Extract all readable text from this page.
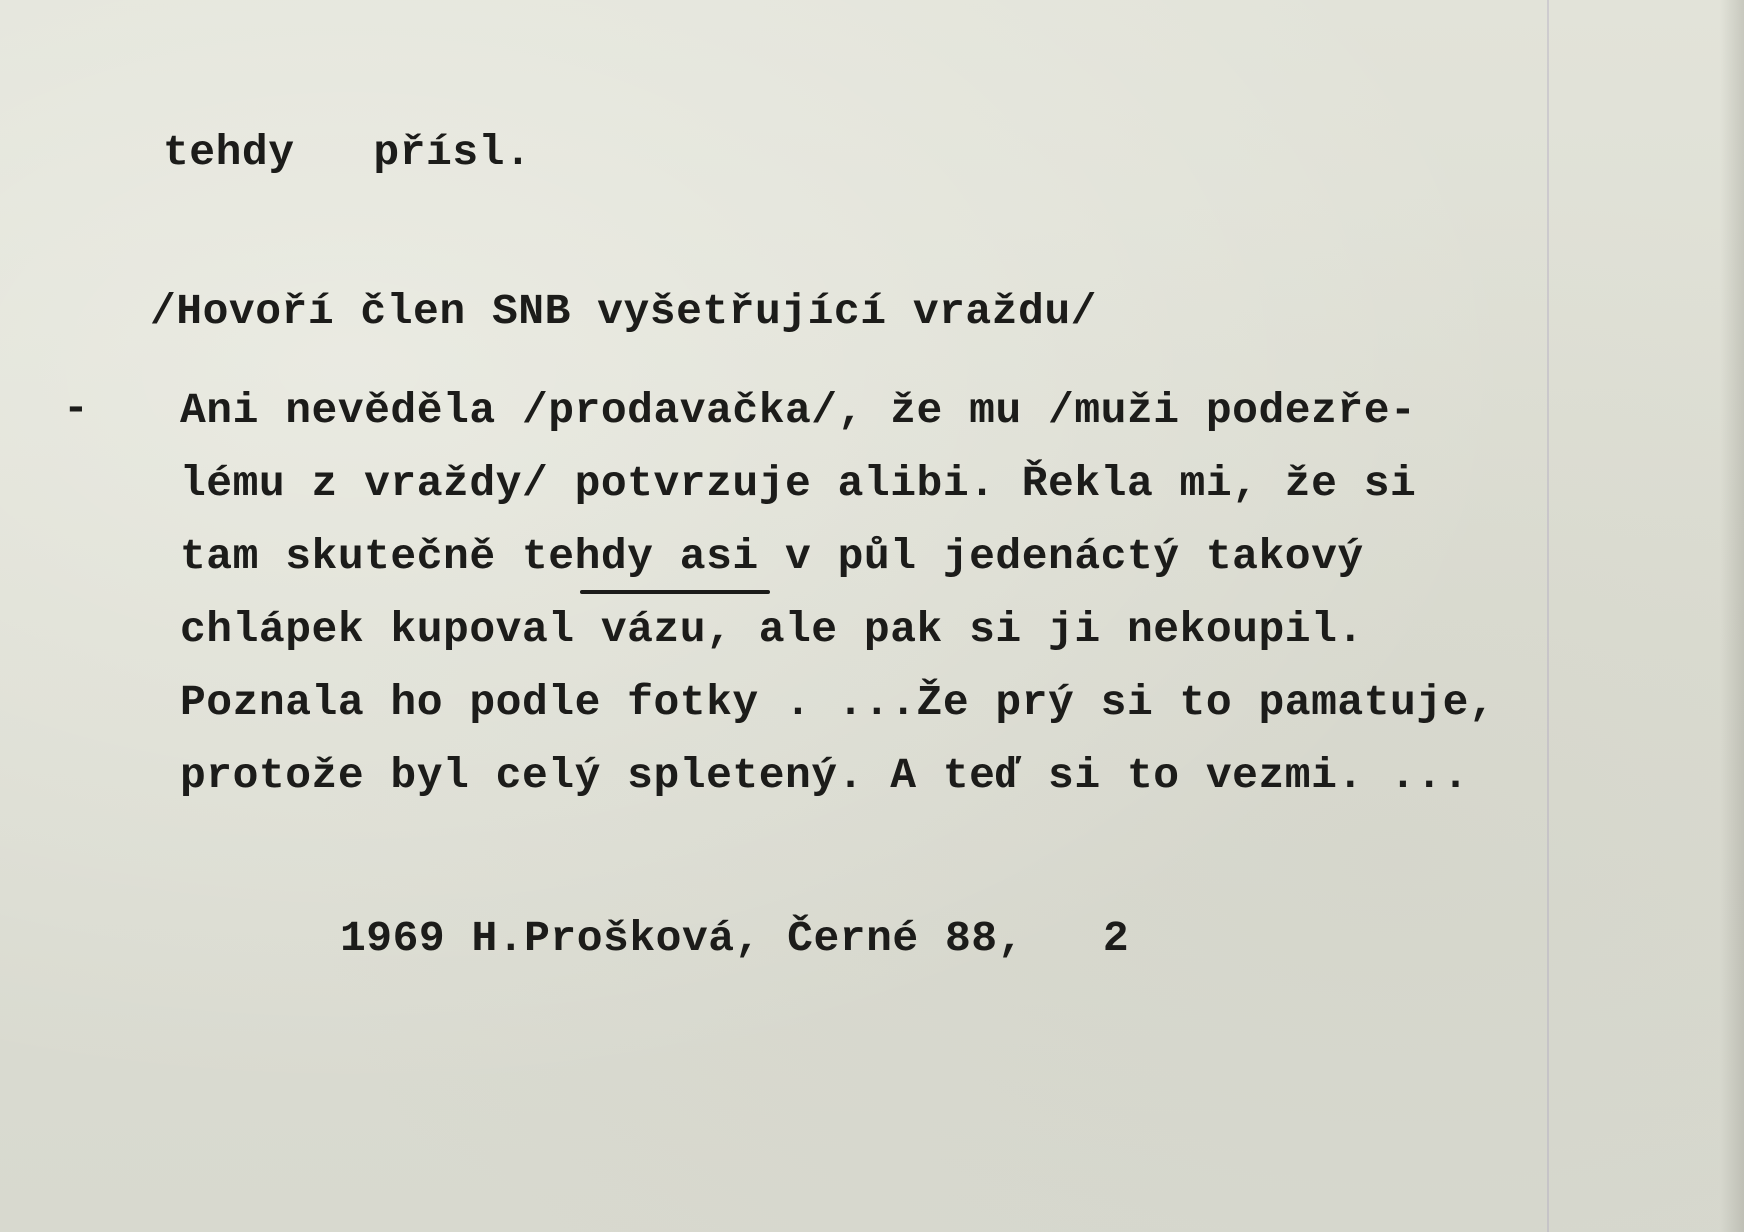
tehdy   přísl.
/Hovoří člen SNB vyšetřující vraždu/
- Ani nevěděla /prodavačka/, že mu /muži podezře-
lému z vraždy/ potvrzuje alibi. Řekla mi, že si
tam skutečně tehdy asi v půl jedenáctý takový
chlápek kupoval vázu, ale pak si ji nekoupil.
Poznala ho podle fotky . ...Že prý si to pamatuje,
protože byl celý spletený. A teď si to vezmi. ...
1969 H.Prošková, Černé 88,   2
